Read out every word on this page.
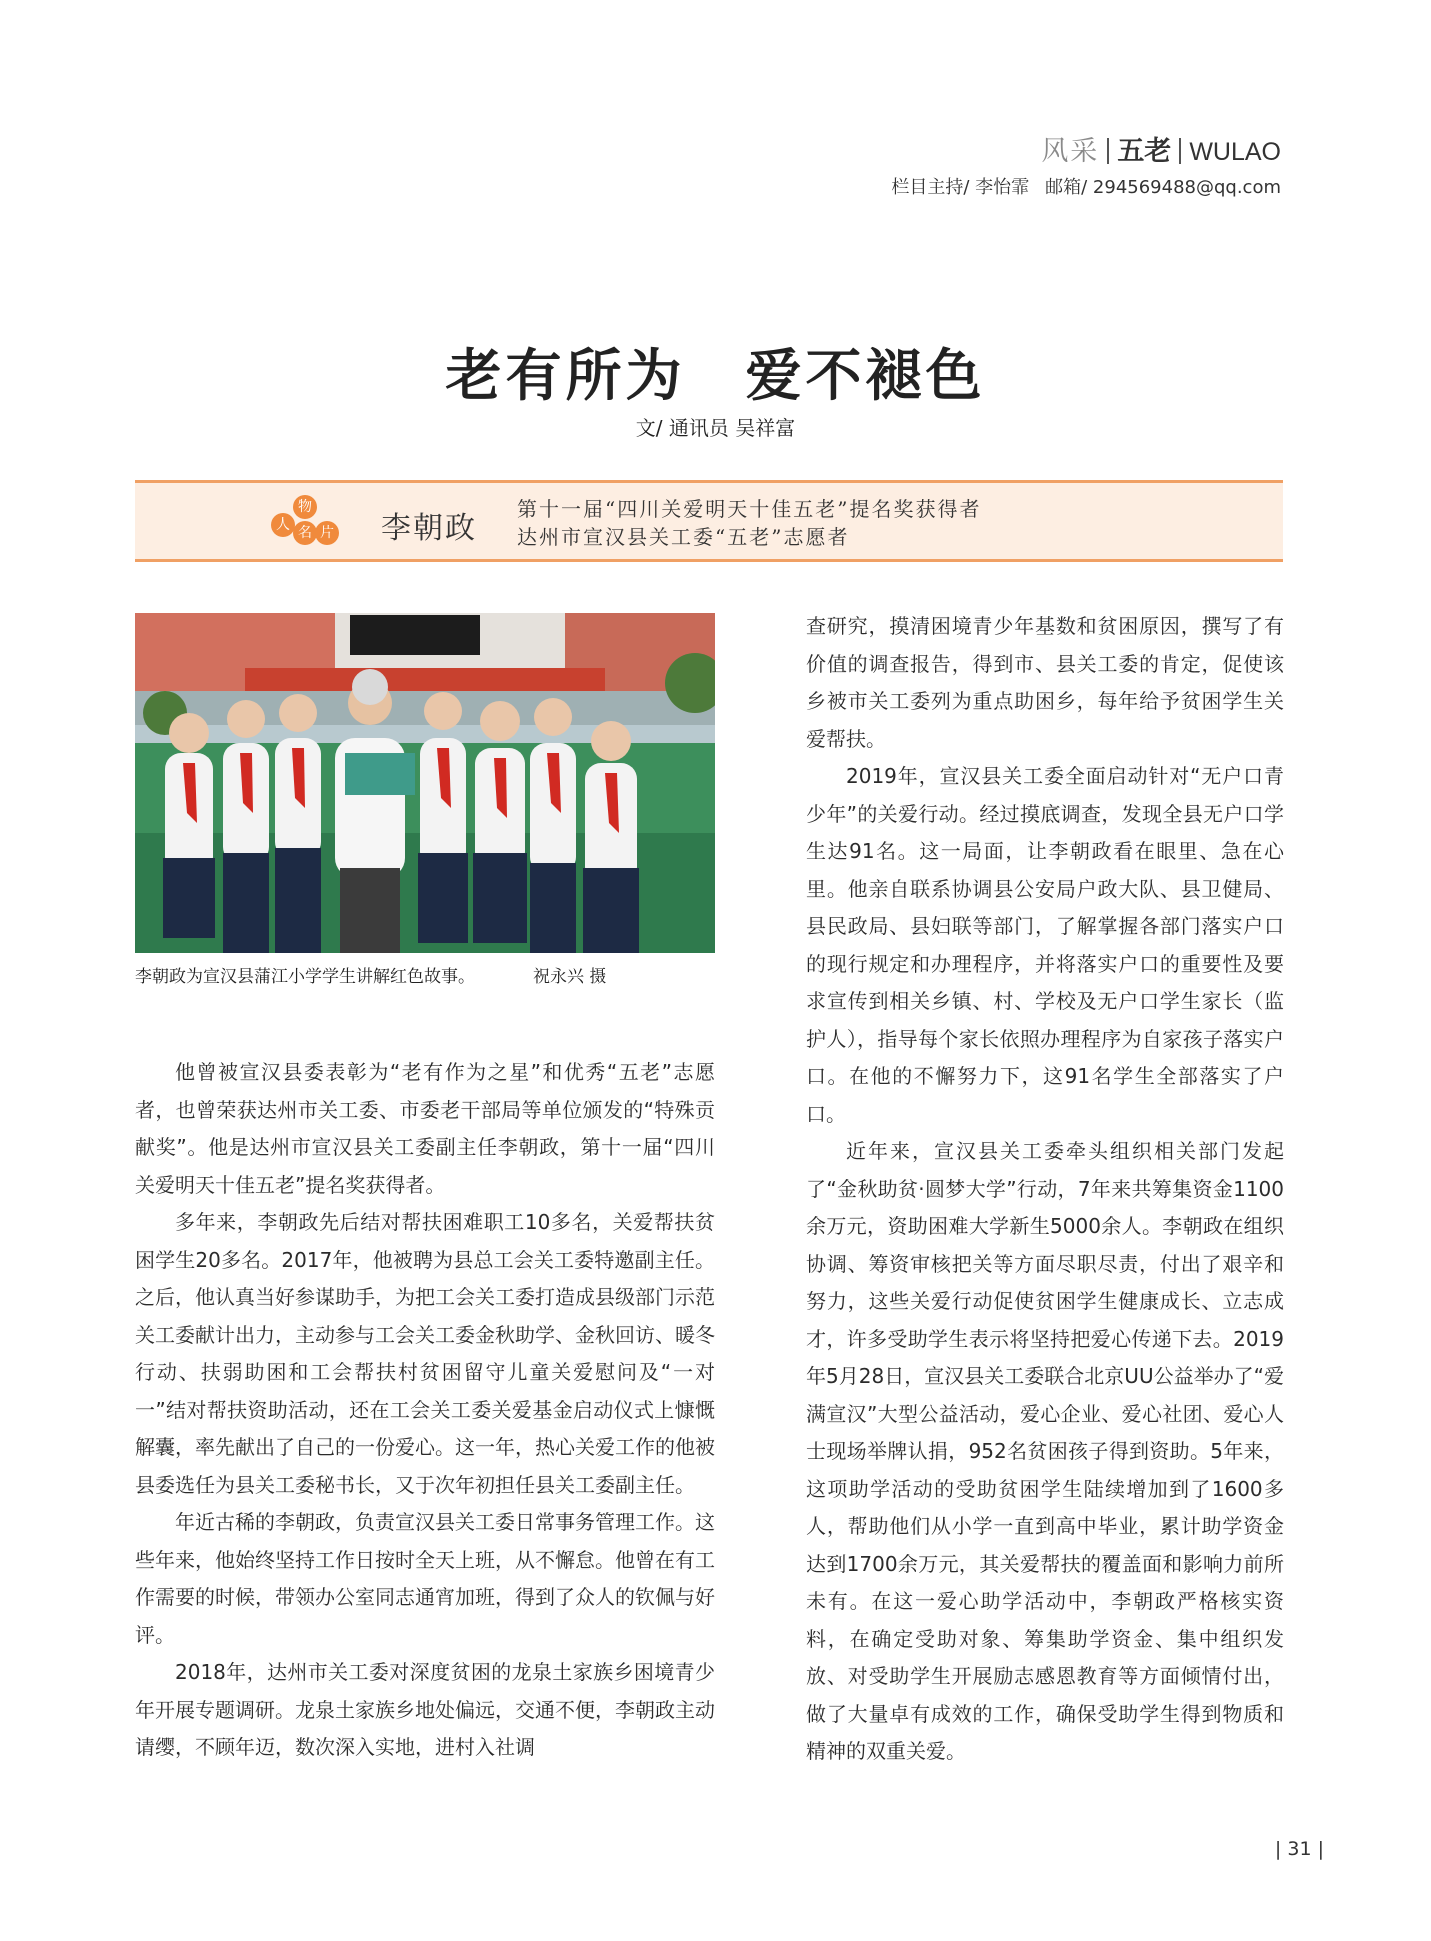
风采 五老 WULAO
栏目主持/ 李怡霏 邮箱/ 294569488@qq.com
老有所为　爱不褪色
文/ 通讯员 吴祥富
人
物
名 片 李朝政
第十一届“四川关爱明天十佳五老”提名奖获得者
达州市宣汉县关工委“五老”志愿者
李朝政为宣汉县蒲江小学学生讲解红色故事。	祝永兴 摄

他曾被宣汉县委表彰为“老有作为之星”和优秀“五老”志愿者，也曾荣获达州市关工委、市委老干部局等单位颁发的“特殊贡献奖”。他是达州市宣汉县关工委副主任李朝政，第十一届“四川关爱明天十佳五老”提名奖获得者。

多年来，李朝政先后结对帮扶困难职工10多名，关爱帮扶贫困学生20多名。2017年，他被聘为县总工会关工委特邀副主任。之后，他认真当好参谋助手，为把工会关工委打造成县级部门示范关工委献计出力，主动参与工会关工委金秋助学、金秋回访、暖冬行动、扶弱助困和工会帮扶村贫困留守儿童关爱慰问及“一对一”结对帮扶资助活动，还在工会关工委关爱基金启动仪式上慷慨解囊，率先献出了自己的一份爱心。这一年，热心关爱工作的他被县委选任为县关工委秘书长，又于次年初担任县关工委副主任。

年近古稀的李朝政，负责宣汉县关工委日常事务管理工作。这些年来，他始终坚持工作日按时全天上班，从不懈怠。他曾在有工作需要的时候，带领办公室同志通宵加班，得到了众人的钦佩与好评。

2018年，达州市关工委对深度贫困的龙泉土家族乡困境青少年开展专题调研。龙泉土家族乡地处偏远，交通不便，李朝政主动请缨，不顾年迈，数次深入实地，进村入社调

查研究，摸清困境青少年基数和贫困原因，撰写了有价值的调查报告，得到市、县关工委的肯定，促使该乡被市关工委列为重点助困乡，每年给予贫困学生关爱帮扶。

2019年，宣汉县关工委全面启动针对“无户口青少年”的关爱行动。经过摸底调查，发现全县无户口学生达91名。这一局面，让李朝政看在眼里、急在心里。他亲自联系协调县公安局户政大队、县卫健局、县民政局、县妇联等部门，了解掌握各部门落实户口的现行规定和办理程序，并将落实户口的重要性及要求宣传到相关乡镇、村、学校及无户口学生家长（监护人），指导每个家长依照办理程序为自家孩子落实户口。在他的不懈努力下，这91名学生全部落实了户口。

近年来，宣汉县关工委牵头组织相关部门发起了“金秋助贫·圆梦大学”行动，7年来共筹集资金1100余万元，资助困难大学新生5000余人。李朝政在组织协调、筹资审核把关等方面尽职尽责，付出了艰辛和努力，这些关爱行动促使贫困学生健康成长、立志成才，许多受助学生表示将坚持把爱心传递下去。2019年5月28日，宣汉县关工委联合北京UU公益举办了“爱满宣汉”大型公益活动，爱心企业、爱心社团、爱心人士现场举牌认捐，952名贫困孩子得到资助。5年来，这项助学活动的受助贫困学生陆续增加到了1600多人，帮助他们从小学一直到高中毕业，累计助学资金达到1700余万元，其关爱帮扶的覆盖面和影响力前所未有。在这一爱心助学活动中，李朝政严格核实资料，在确定受助对象、筹集助学资金、集中组织发放、对受助学生开展励志感恩教育等方面倾情付出，做了大量卓有成效的工作，确保受助学生得到物质和精神的双重关爱。

| 31 |
